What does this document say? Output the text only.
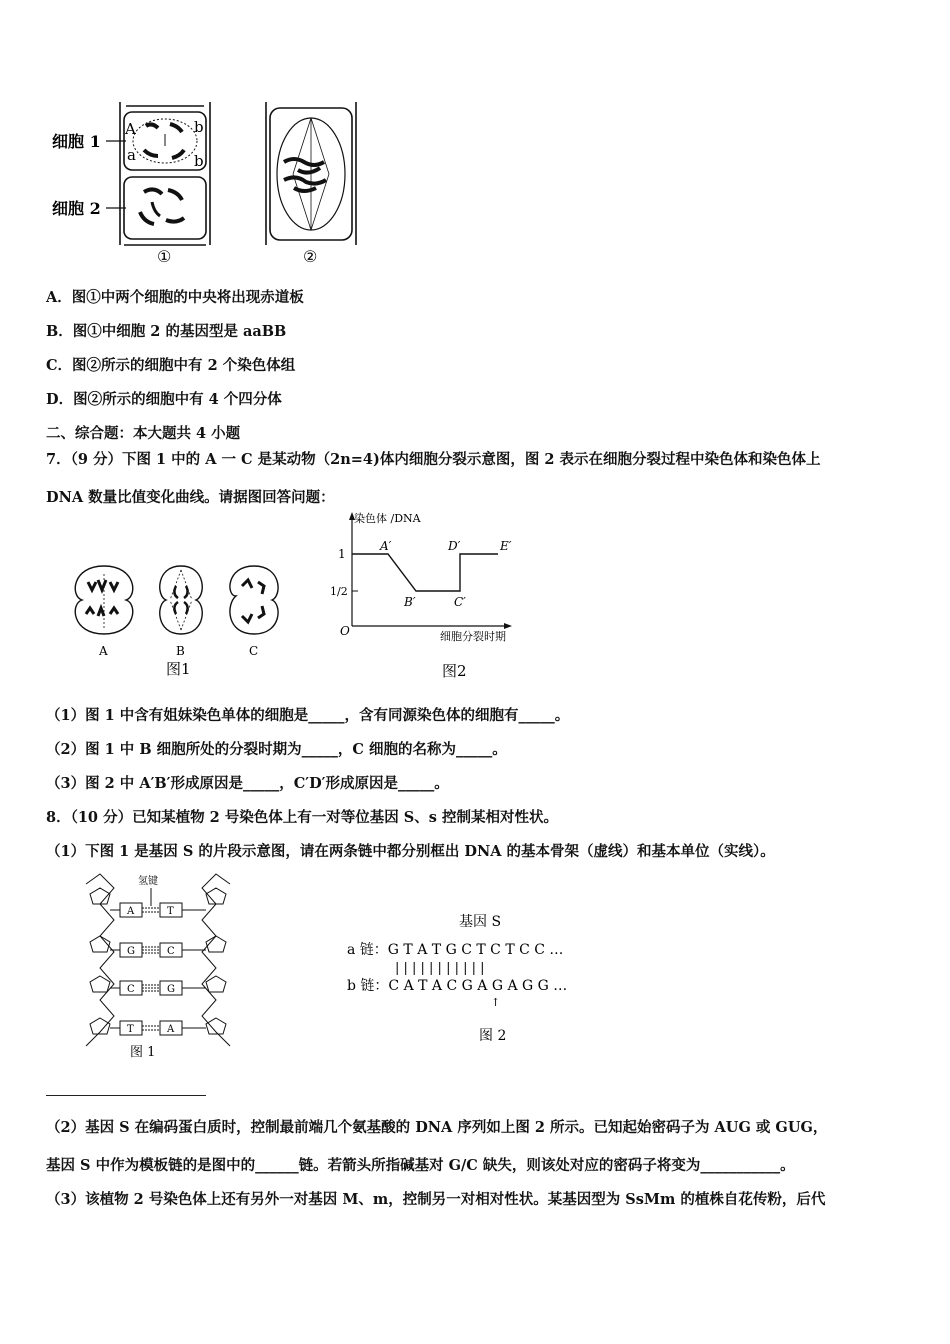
细胞 1
细胞 2
A
a
b
b
①	②
A．图①中两个细胞的中央将出现赤道板
B．图①中细胞 2 的基因型是 aaBB
C．图②所示的细胞中有 2 个染色体组
D．图②所示的细胞中有 4 个四分体
二、综合题：本大题共 4 小题
7．（9 分）下图 1 中的 A 一 C 是某动物（2n=4)体内细胞分裂示意图，图 2 表示在细胞分裂过程中染色体和染色体上
DNA 数量比值变化曲线。请据图回答问题：
A	B	C
图1
染色体 /DNA
1
1/2
O
A′
B′	C′
D′	E′
细胞分裂时期
图2
（1）图 1 中含有姐妹染色单体的细胞是_____，含有同源染色体的细胞有_____。
（2）图 1 中 B 细胞所处的分裂时期为_____，C 细胞的名称为_____。
（3）图 2 中 A′B′形成原因是_____，C′D′形成原因是_____。
8．（10 分）已知某植物 2 号染色体上有一对等位基因 S、s 控制某相对性状。
（1）下图 1 是基因 S 的片段示意图，请在两条链中都分别框出 DNA 的基本骨架（虚线）和基本单位（实线）。
氢键
A	T
G	C
C	G
T	A
图 1
基因 S
a 链：G T A T G C T C T C C …
| | | | | | | | | | |
b 链：C A T A C G A G A G G …
↑
图 2
（2）基因 S 在编码蛋白质时，控制最前端几个氨基酸的 DNA 序列如上图 2 所示。已知起始密码子为 AUG 或 GUG，
基因 S 中作为模板链的是图中的______链。若箭头所指碱基对 G/C 缺失，则该处对应的密码子将变为___________。
（3）该植物 2 号染色体上还有另外一对基因 M、m，控制另一对相对性状。某基因型为 SsMm 的植株自花传粉，后代
